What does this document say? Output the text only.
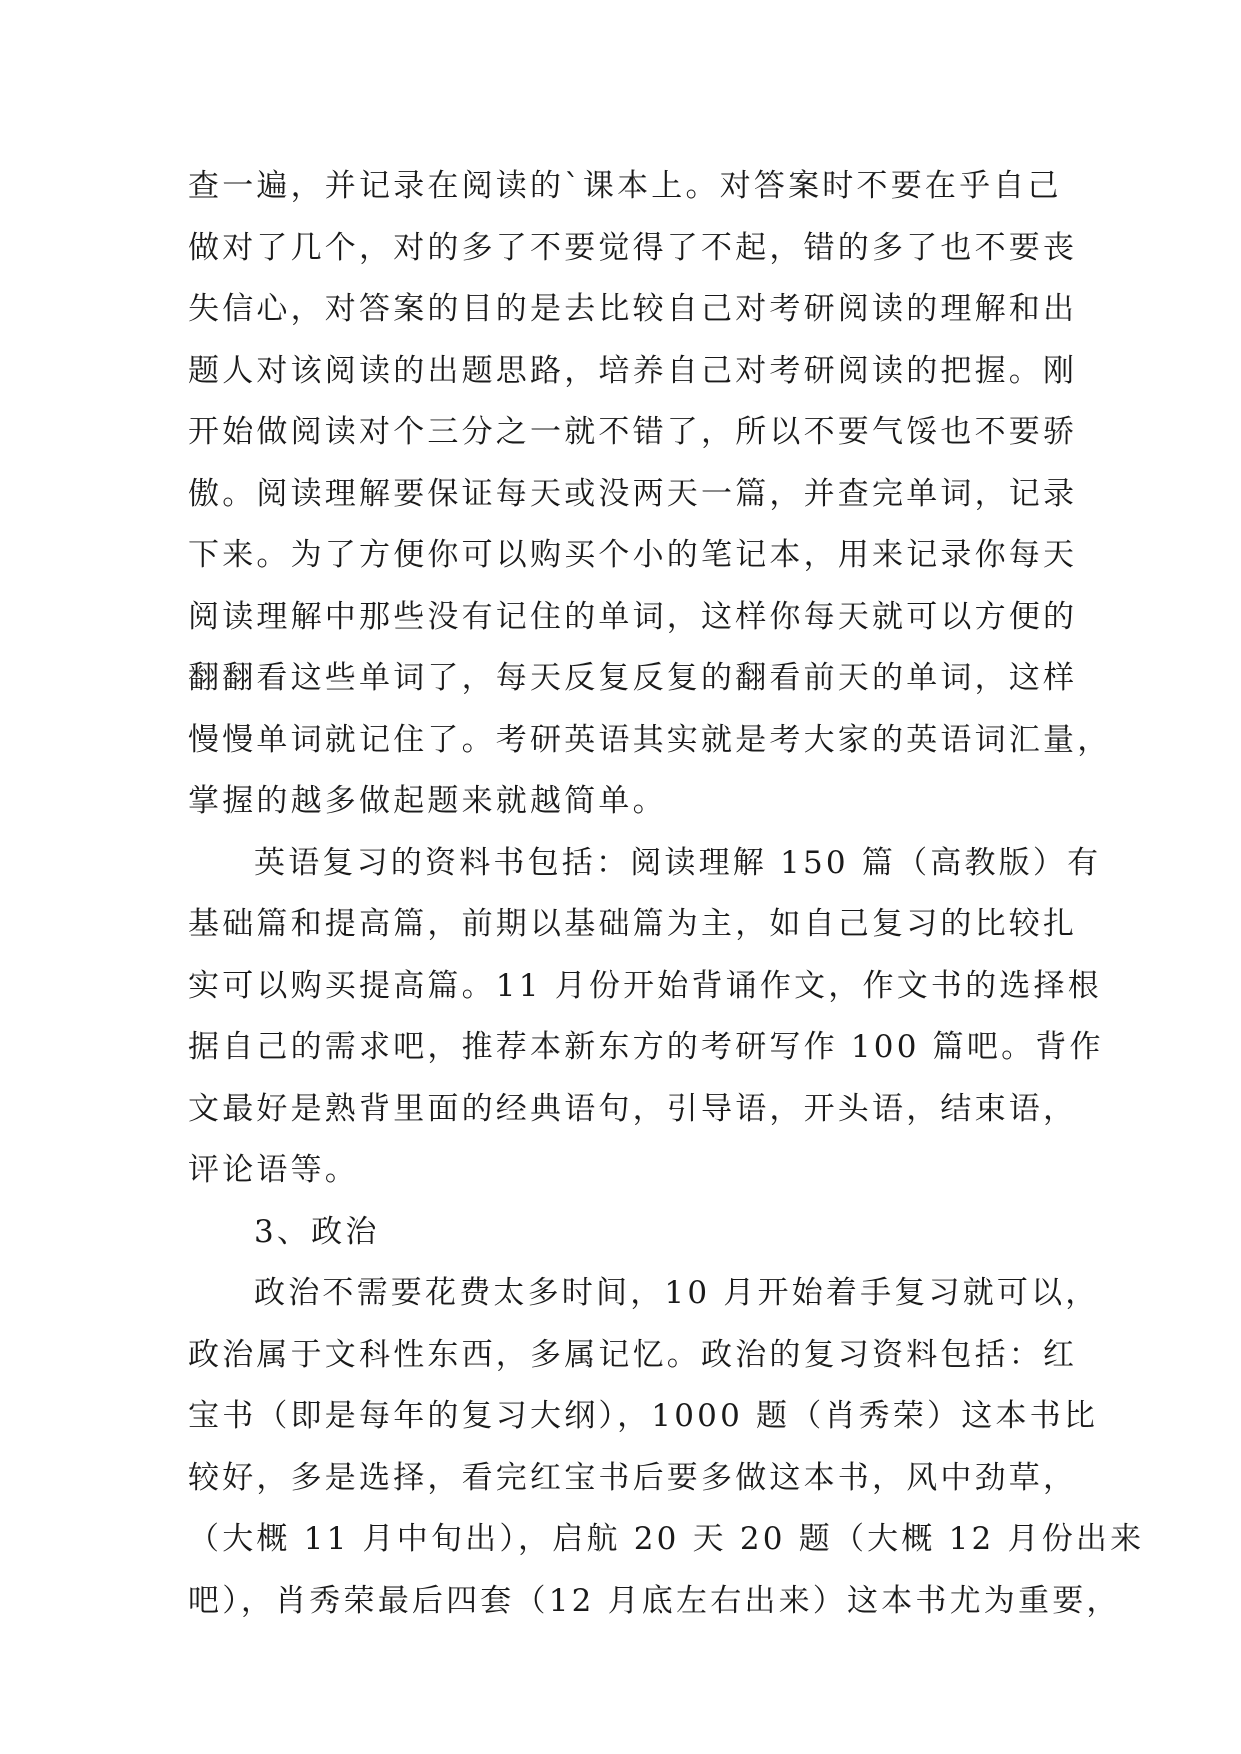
查一遍，并记录在阅读的`课本上。对答案时不要在乎自己
做对了几个，对的多了不要觉得了不起，错的多了也不要丧
失信心，对答案的目的是去比较自己对考研阅读的理解和出
题人对该阅读的出题思路，培养自己对考研阅读的把握。刚
开始做阅读对个三分之一就不错了，所以不要气馁也不要骄
傲。阅读理解要保证每天或没两天一篇，并查完单词，记录
下来。为了方便你可以购买个小的笔记本，用来记录你每天
阅读理解中那些没有记住的单词，这样你每天就可以方便的
翻翻看这些单词了，每天反复反复的翻看前天的单词，这样
慢慢单词就记住了。考研英语其实就是考大家的英语词汇量，
掌握的越多做起题来就越简单。
英语复习的资料书包括：阅读理解 150 篇（高教版）有
基础篇和提高篇，前期以基础篇为主，如自己复习的比较扎
实可以购买提高篇。11 月份开始背诵作文，作文书的选择根
据自己的需求吧，推荐本新东方的考研写作 100 篇吧。背作
文最好是熟背里面的经典语句，引导语，开头语，结束语，
评论语等。
3、政治
政治不需要花费太多时间，10 月开始着手复习就可以，
政治属于文科性东西，多属记忆。政治的复习资料包括：红
宝书（即是每年的复习大纲），1000 题（肖秀荣）这本书比
较好，多是选择，看完红宝书后要多做这本书，风中劲草，
（大概 11 月中旬出），启航 20 天 20 题（大概 12 月份出来
吧），肖秀荣最后四套（12 月底左右出来）这本书尤为重要，
